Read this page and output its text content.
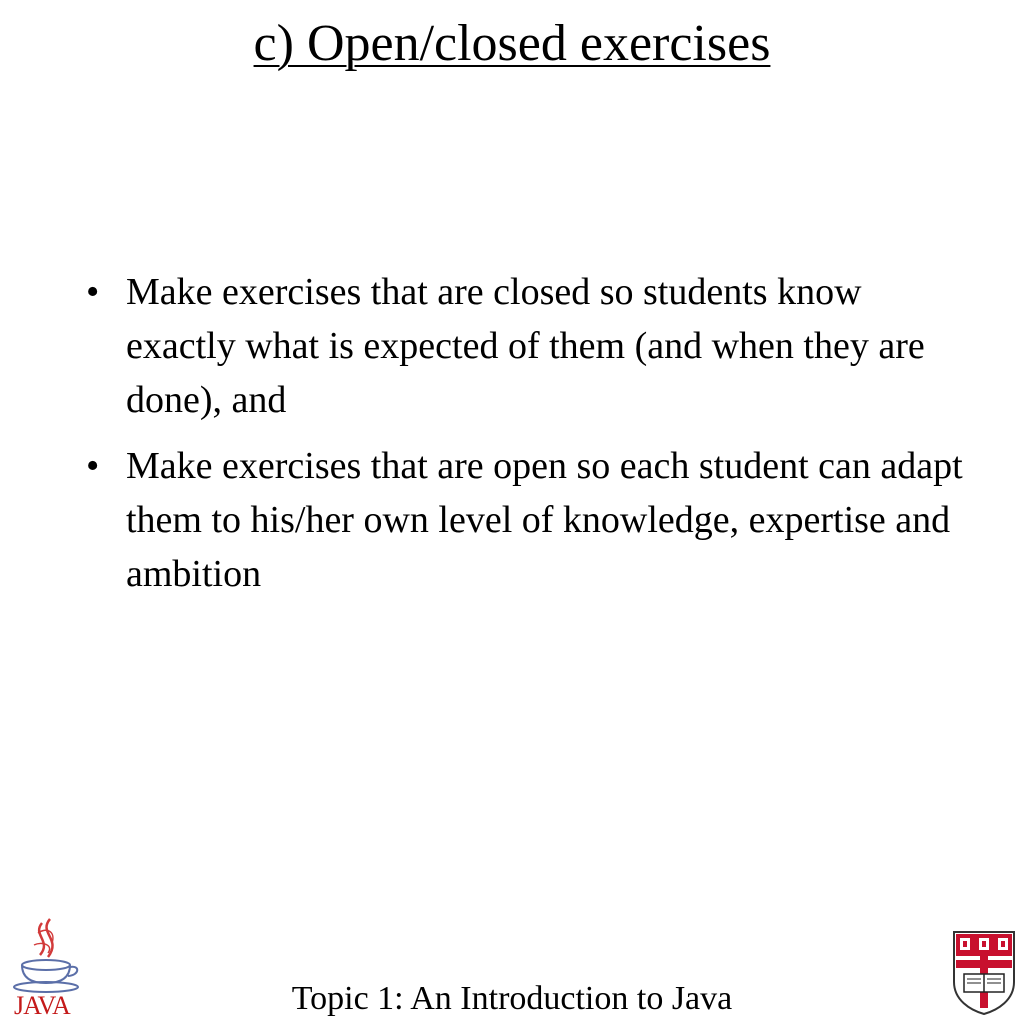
c) Open/closed exercises
• Make exercises that are closed so students know exactly what is expected of them (and when they are done), and
• Make exercises that are open so each student can adapt them to his/her own level of knowledge, expertise and ambition
JAVA	Topic 1: An Introduction to Java
